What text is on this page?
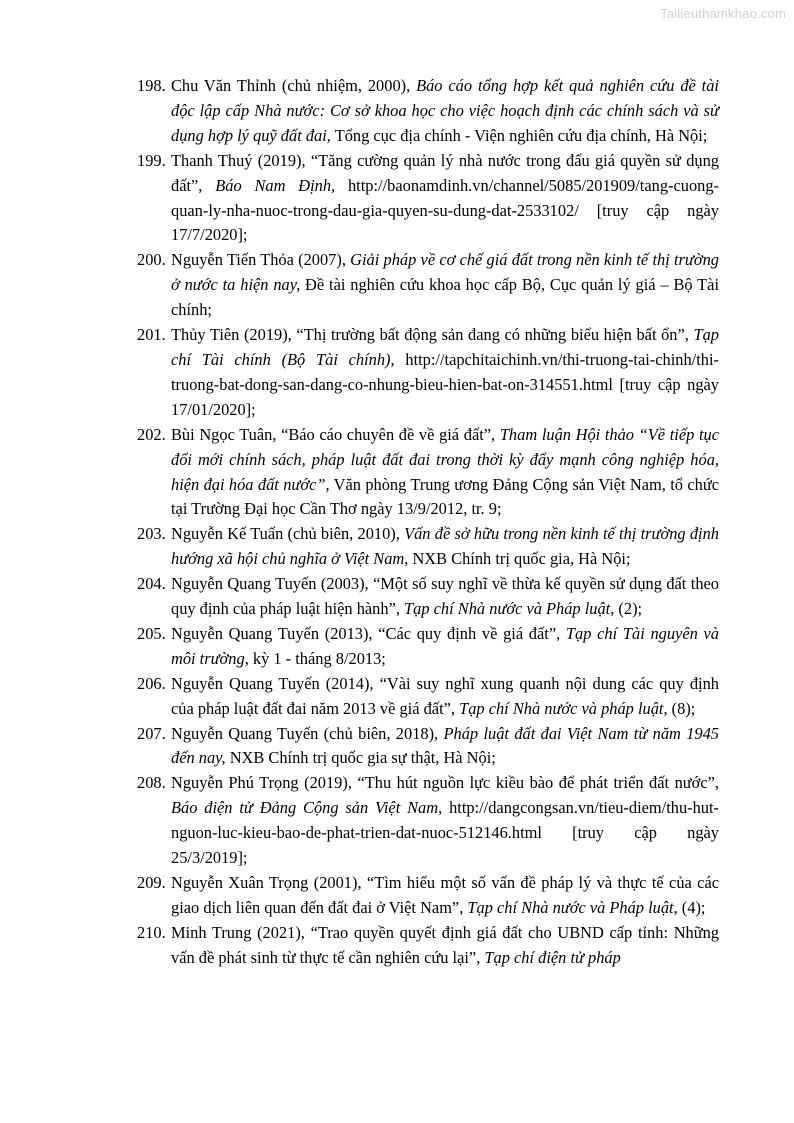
Tailieuthamkhao.com

198. Chu Văn Thỉnh (chủ nhiệm, 2000), Báo cáo tổng hợp kết quả nghiên cứu đề tài độc lập cấp Nhà nước: Cơ sở khoa học cho việc hoạch định các chính sách và sử dụng hợp lý quỹ đất đai, Tổng cục địa chính - Viện nghiên cứu địa chính, Hà Nội;

199. Thanh Thuý (2019), “Tăng cường quản lý nhà nước trong đấu giá quyền sử dụng đất”, Báo Nam Định, http://baonamdinh.vn/channel/5085/201909/tang-cuong-quan-ly-nha-nuoc-trong-dau-gia-quyen-su-dung-dat-2533102/ [truy cập ngày 17/7/2020];

200. Nguyễn Tiến Thỏa (2007), Giải pháp về cơ chế giá đất trong nền kinh tế thị trường ở nước ta hiện nay, Đề tài nghiên cứu khoa học cấp Bộ, Cục quản lý giá – Bộ Tài chính;

201. Thủy Tiên (2019), “Thị trường bất động sản đang có những biểu hiện bất ổn”, Tạp chí Tài chính (Bộ Tài chính), http://tapchitaichinh.vn/thi-truong-tai-chinh/thi-truong-bat-dong-san-dang-co-nhung-bieu-hien-bat-on-314551.html [truy cập ngày 17/01/2020];

202. Bùi Ngọc Tuân, “Báo cáo chuyên đề về giá đất”, Tham luận Hội thảo “Về tiếp tục đổi mới chính sách, pháp luật đất đai trong thời kỳ đẩy mạnh công nghiệp hóa, hiện đại hóa đất nước”, Văn phòng Trung ương Đảng Cộng sản Việt Nam, tổ chức tại Trường Đại học Cần Thơ ngày 13/9/2012, tr. 9;

203. Nguyễn Kế Tuấn (chủ biên, 2010), Vấn đề sở hữu trong nền kinh tế thị trường định hướng xã hội chủ nghĩa ở Việt Nam, NXB Chính trị quốc gia, Hà Nội;

204. Nguyễn Quang Tuyến (2003), “Một số suy nghĩ về thừa kế quyền sử dụng đất theo quy định của pháp luật hiện hành”, Tạp chí Nhà nước và Pháp luật, (2);

205. Nguyễn Quang Tuyến (2013), “Các quy định về giá đất”, Tạp chí Tài nguyên và môi trường, kỳ 1 - tháng 8/2013;

206. Nguyễn Quang Tuyến (2014), “Vài suy nghĩ xung quanh nội dung các quy định của pháp luật đất đai năm 2013 về giá đất”, Tạp chí Nhà nước và pháp luật, (8);

207. Nguyễn Quang Tuyến (chủ biên, 2018), Pháp luật đất đai Việt Nam từ năm 1945 đến nay, NXB Chính trị quốc gia sự thật, Hà Nội;

208. Nguyễn Phú Trọng (2019), “Thu hút nguồn lực kiều bào để phát triển đất nước”, Báo điện tử Đảng Cộng sản Việt Nam, http://dangcongsan.vn/tieu-diem/thu-hut-nguon-luc-kieu-bao-de-phat-trien-dat-nuoc-512146.html [truy cập ngày 25/3/2019];

209. Nguyễn Xuân Trọng (2001), “Tìm hiểu một số vấn đề pháp lý và thực tế của các giao dịch liên quan đến đất đai ở Việt Nam”, Tạp chí Nhà nước và Pháp luật, (4);

210. Minh Trung (2021), “Trao quyền quyết định giá đất cho UBND cấp tỉnh: Những vấn đề phát sinh từ thực tế cần nghiên cứu lại”, Tạp chí điện tử pháp
